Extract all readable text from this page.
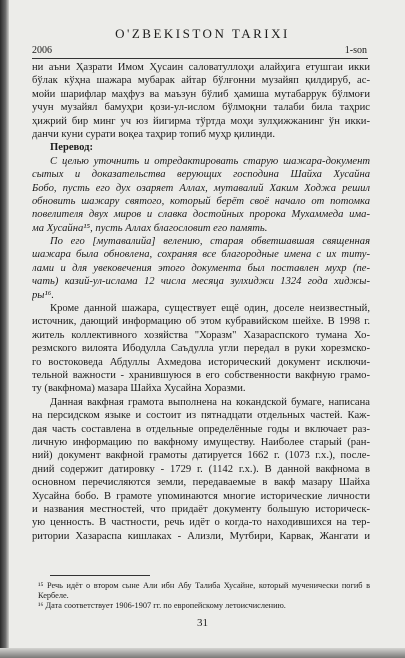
O'ZBEKISTON TARIXI
2006	1-son
ни аъни Ҳазрати Имом Ҳусаин саловатуллоҳи алайҳига етушгаи икки
бўлак кўҳна шажара мубарак айтар бўлғонни музайяп қилдируб, ас-
мойи шарифлар маҳфуз ва маъзун бўлиб ҳамиша мутабаррук бўлмоғи
учун музайял бамуҳри қози-ул-ислом бўлмоқни талаби била таҳрис
ҳижрий бир минг уч юз йигирма тўртда моҳи зулҳижжанинг ўн икки-
данчи куни сурати воқеа таҳрир топиб муҳр қилинди.
Перевод:
С целью уточнить и отредактировать старую шажара-документ
сытых и доказательства верующих господина Шайха Хусайна
Бобо, пусть его дух озаряет Аллах, мутавалий Хаким Ходжа решил
обновить шажару святого, который берёт своё начало от потомка
повелителя двух миров и славка достойных пророка Мухаммеда има-
ма Хусайна¹⁵, пусть Аллах благословит его память.
По его [мутавалийа] велению, старая обветшавшая священная
шажара была обновлена, сохраняя все благородные имена с их титу-
лами и для увековечения этого документа был поставлен мухр (пе-
чать) казий-ул-ислама 12 числа месяца зулхиджи 1324 года хиджы-
ры¹⁶.
Кроме данной шажара, существует ещё один, доселе неизвестный,
источник, дающий информацию об этом кубравийском шейхе. В 1998 г.
житель коллективного хозяйства "Хоразм" Хазараспского тумана Хо-
резмского вилоята Ибодулла Саъдулла угли передал в руки хорезмско-
го востоковеда Абдуллы Ахмедова исторический документ исключи-
тельной важности - хранившуюся в его собственности вакфную грамо-
ту (вакфнома) мазара Шайха Хусайна Хоразми.
Данная вакфная грамота выполнена на кокандской бумаге, написана
на персидском языке и состоит из пятнадцати отдельных частей. Каж-
дая часть составлена в отдельные определённые годы и включает раз-
личную информацию по вакфному имуществу. Наиболее старый (ран-
ний) документ вакфной грамоты датируется 1662 г. (1073 г.х.), после-
дний содержит датировку - 1729 г. (1142 г.х.). В данной вакфнома в
основном перечисляются земли, передаваемые в вакф мазару Шайха
Хусайна бобо. В грамоте упоминаются многие исторические личности
и названия местностей, что придаёт документу большую историческ-
ую ценность. В частности, речь идёт о когда-то находившихся на тер-
ритории Хазараспа кишлаках - Ализли, Мутбири, Карвак, Жангати и
¹⁵ Речь идёт о втором сыне Али ибн Абу Талиба Хусайне, который мученически погиб в
Кербеле.
¹⁶ Дата соответствует 1906-1907 гг. по европейскому летоисчислению.
31
